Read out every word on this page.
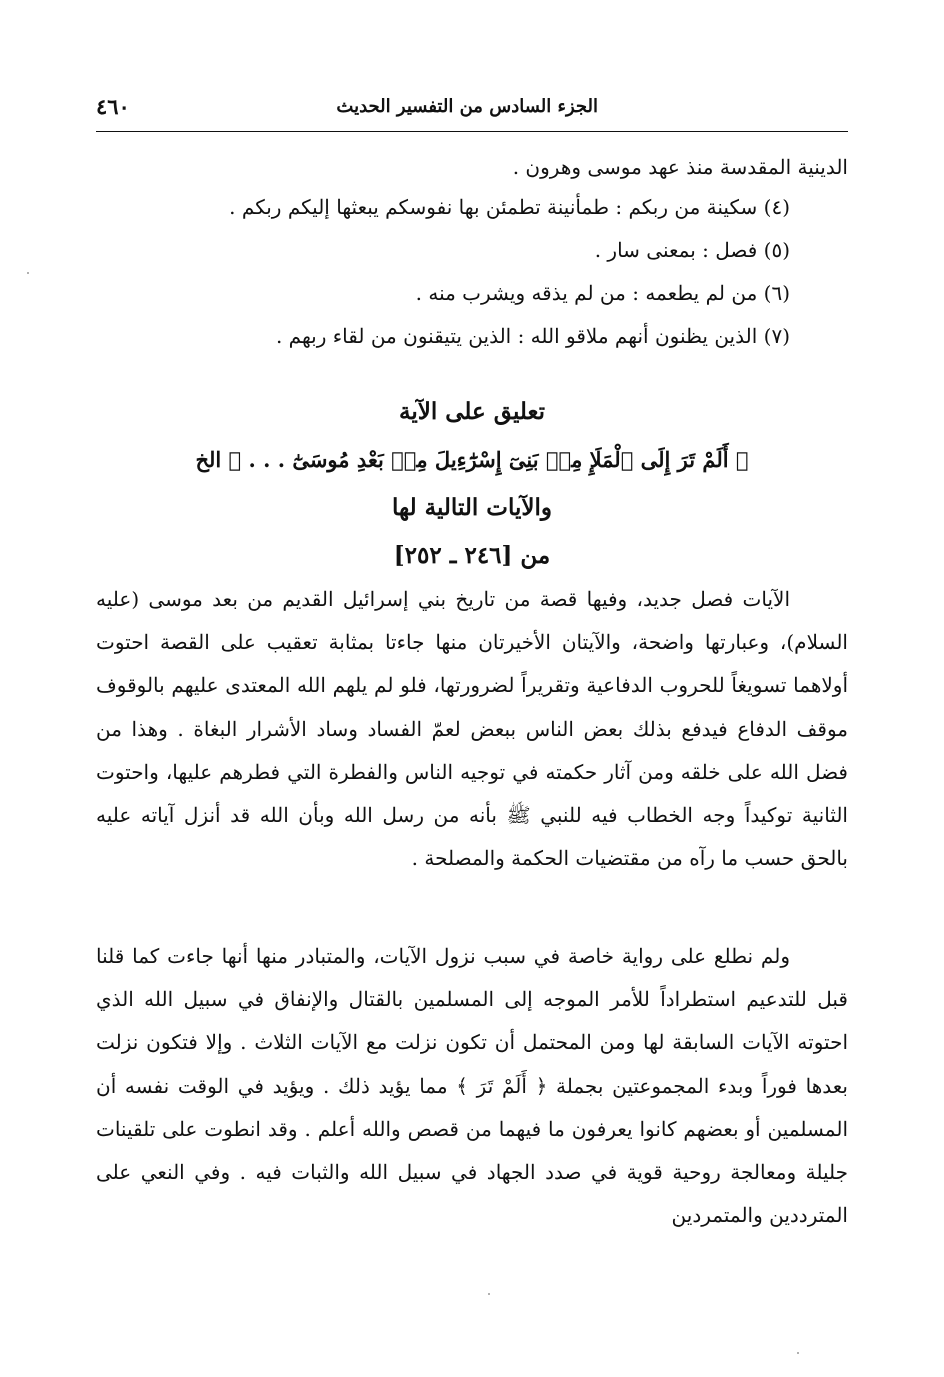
الجزء السادس من التفسير الحديث
٤٦٠
الدينية المقدسة منذ عهد موسى وهرون .
(٤) سكينة من ربكم : طمأنينة تطمئن بها نفوسكم يبعثها إليكم ربكم .
(٥) فصل : بمعنى سار .
(٦) من لم يطعمه : من لم يذقه ويشرب منه .
(٧) الذين يظنون أنهم ملاقو الله : الذين يتيقنون من لقاء ربهم .
تعليق على الآية
﴿ أَلَمْ تَرَ إِلَى ٱلْمَلَإِ مِنۢ بَنِىٓ إِسْرَٰٓءِيلَ مِنۢ بَعْدِ مُوسَىٰٓ . . . ﴾ الخ
والآيات التالية لها
من [٢٤٦ ـ ٢٥٢]
الآيات فصل جديد، وفيها قصة من تاريخ بني إسرائيل القديم من بعد موسى (عليه السلام)، وعبارتها واضحة، والآيتان الأخيرتان منها جاءتا بمثابة تعقيب على القصة احتوت أولاهما تسويغاً للحروب الدفاعية وتقريراً لضرورتها، فلو لم يلهم الله المعتدى عليهم بالوقوف موقف الدفاع فيدفع بذلك بعض الناس ببعض لعمّ الفساد وساد الأشرار البغاة . وهذا من فضل الله على خلقه ومن آثار حكمته في توجيه الناس والفطرة التي فطرهم عليها، واحتوت الثانية توكيداً وجه الخطاب فيه للنبي ﷺ بأنه من رسل الله وبأن الله قد أنزل آياته عليه بالحق حسب ما رآه من مقتضيات الحكمة والمصلحة .
ولم نطلع على رواية خاصة في سبب نزول الآيات، والمتبادر منها أنها جاءت كما قلنا قبل للتدعيم استطراداً للأمر الموجه إلى المسلمين بالقتال والإنفاق في سبيل الله الذي احتوته الآيات السابقة لها ومن المحتمل أن تكون نزلت مع الآيات الثلاث . وإلا فتكون نزلت بعدها فوراً وبدء المجموعتين بجملة ﴿ أَلَمْ تَرَ ﴾ مما يؤيد ذلك . ويؤيد في الوقت نفسه أن المسلمين أو بعضهم كانوا يعرفون ما فيهما من قصص والله أعلم . وقد انطوت على تلقينات جليلة ومعالجة روحية قوية في صدد الجهاد في سبيل الله والثبات فيه . وفي النعي على المترددين والمتمردين
